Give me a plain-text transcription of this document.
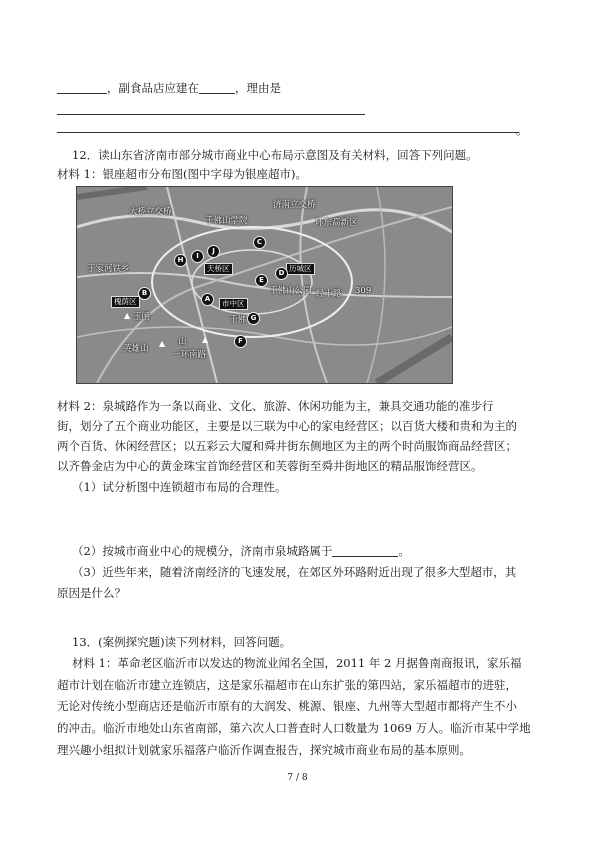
，副食品店应建在	，理由是
。
12．读山东省济南市部分城市商业中心布局示意图及有关材料，回答下列问题。
材料 1：银座超市分布图(图中字母为银座超市)。
大桥立交桥
济南立交桥
千佛山学院	环东高新区
于家河铁乡	天桥区	历城区
千佛山公园 经十路 309
槐荫区	市中区
玉函	千佛
英雄山
山
一环南路
▲
▲	▲
C
H
J
I
D
E
B
A
G
F
材料 2：泉城路作为一条以商业、文化、旅游、休闲功能为主，兼具交通功能的准步行
街，划分了五个商业功能区，主要是以三联为中心的家电经营区；以百货大楼和贵和为主的
两个百货、休闲经营区；以五彩云大厦和舜井街东侧地区为主的两个时尚服饰商品经营区；
以齐鲁金店为中心的黄金珠宝首饰经营区和芙蓉街至舜井街地区的精品服饰经营区。
（1）试分析图中连锁超市布局的合理性。
（2）按城市商业中心的规模分，济南市泉城路属于	。
（3）近些年来，随着济南经济的飞速发展，在郊区外环路附近出现了很多大型超市，其
原因是什么？
13．(案例探究题)读下列材料，回答问题。
材料 1：革命老区临沂市以发达的物流业闻名全国，2011 年 2 月据鲁南商报讯，家乐福
超市计划在临沂市建立连锁店，这是家乐福超市在山东扩张的第四站，家乐福超市的进驻，
无论对传统小型商店还是临沂市原有的大润发、桃源、银座、九州等大型超市都将产生不小
的冲击。临沂市地处山东省南部，第六次人口普查时人口数量为 1069 万人。临沂市某中学地
理兴趣小组拟计划就家乐福落户临沂作调查报告，探究城市商业布局的基本原则。
7 / 8
